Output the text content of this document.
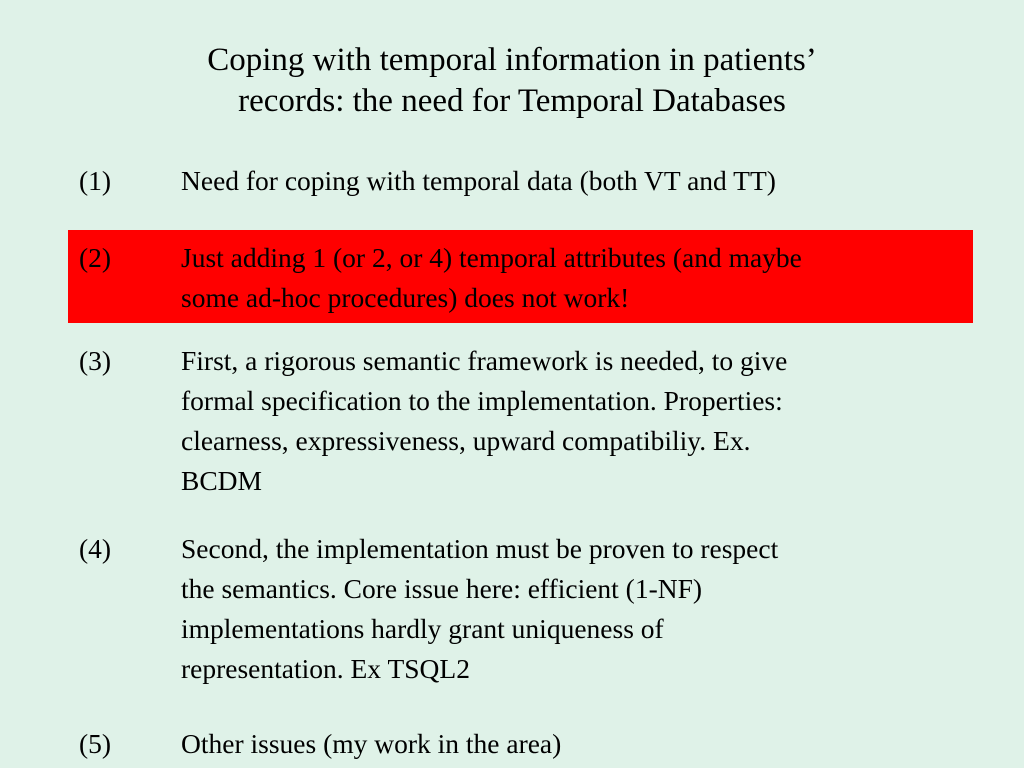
Coping with temporal information in patients’
records: the need for Temporal Databases
(1)	Need for coping with temporal data (both VT and TT)
(2)	Just adding 1 (or 2, or 4) temporal attributes (and maybe
some ad-hoc procedures) does not work!
(3)	First, a rigorous semantic framework is needed, to give
formal specification to the implementation. Properties:
clearness, expressiveness, upward compatibiliy. Ex.
BCDM
(4)	Second, the implementation must be proven to respect
the semantics. Core issue here: efficient (1-NF)
implementations hardly grant uniqueness of
representation. Ex TSQL2
(5)	Other issues (my work in the area)
